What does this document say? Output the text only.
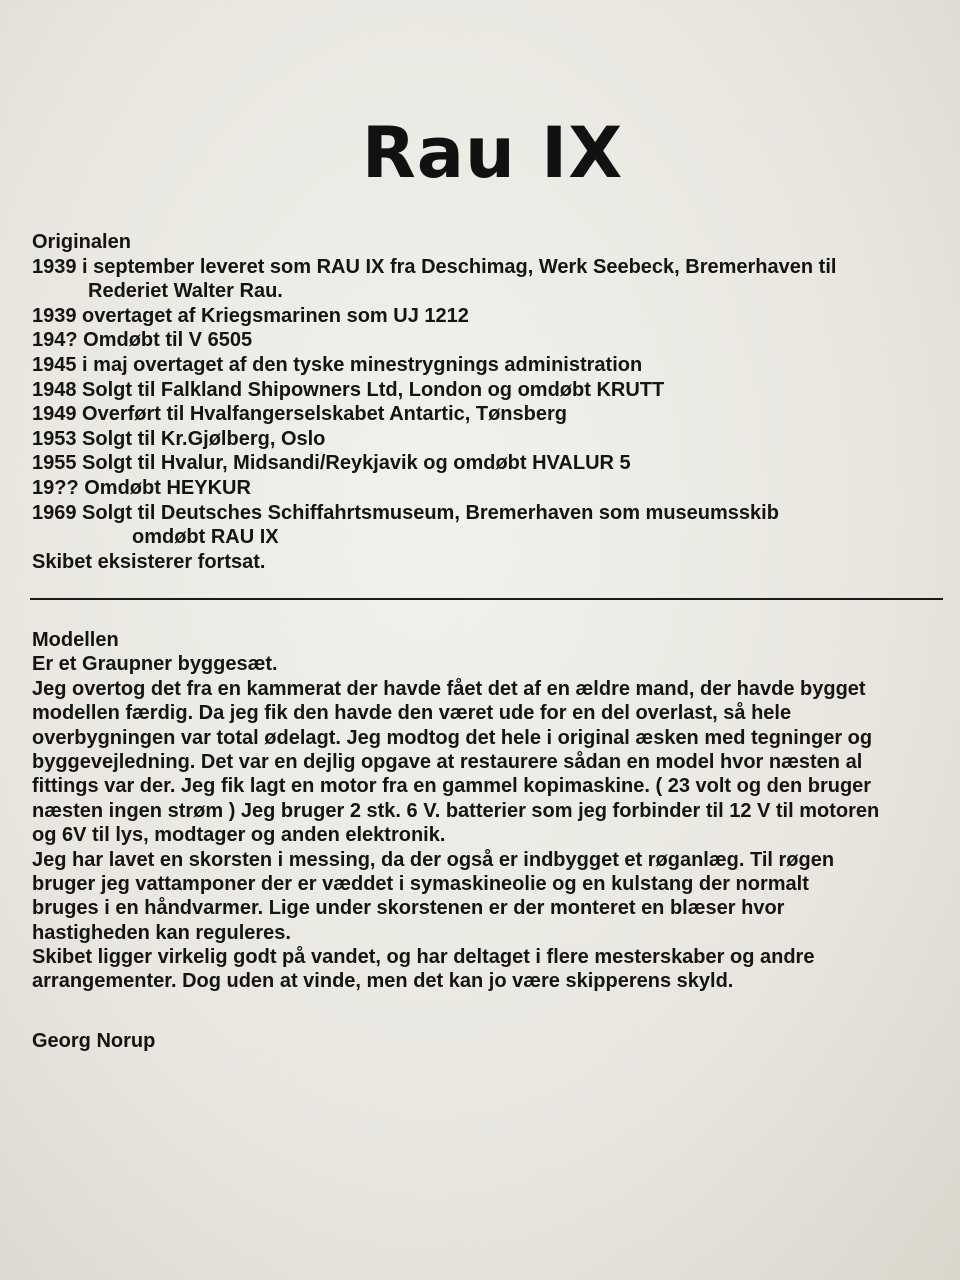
Rau IX
Originalen
1939 i september leveret som RAU IX fra Deschimag, Werk Seebeck, Bremerhaven til
Rederiet Walter Rau.
1939 overtaget af Kriegsmarinen som UJ 1212
194? Omdøbt til V 6505
1945 i maj overtaget af den tyske minestrygnings administration
1948 Solgt til Falkland Shipowners Ltd, London og omdøbt KRUTT
1949 Overført til Hvalfangerselskabet Antartic, Tønsberg
1953 Solgt til Kr.Gjølberg, Oslo
1955 Solgt til Hvalur, Midsandi/Reykjavik og omdøbt HVALUR 5
19?? Omdøbt HEYKUR
1969 Solgt til Deutsches Schiffahrtsmuseum, Bremerhaven som museumsskib
omdøbt RAU IX
Skibet eksisterer fortsat.
Modellen
Er et Graupner byggesæt.
Jeg overtog det fra en kammerat der havde fået det af en ældre mand, der havde bygget
modellen færdig. Da jeg fik den havde den været ude for en del overlast, så hele
overbygningen var total ødelagt. Jeg modtog det hele i original æsken med tegninger og
byggevejledning. Det var en dejlig opgave at restaurere sådan en model hvor næsten al
fittings var der. Jeg fik lagt en motor fra en gammel kopimaskine. ( 23 volt og den bruger
næsten ingen strøm ) Jeg bruger 2 stk. 6 V. batterier som jeg forbinder til 12 V til motoren
og 6V til lys, modtager og anden elektronik.
Jeg har lavet en skorsten i messing, da der også er indbygget et røganlæg. Til røgen
bruger jeg vattamponer der er væddet i symaskineolie og en kulstang der normalt
bruges i en håndvarmer. Lige under skorstenen er der monteret en blæser hvor
hastigheden kan reguleres.
Skibet ligger virkelig godt på vandet, og har deltaget i flere mesterskaber og andre
arrangementer. Dog uden at vinde, men det kan jo være skipperens skyld.
Georg Norup
